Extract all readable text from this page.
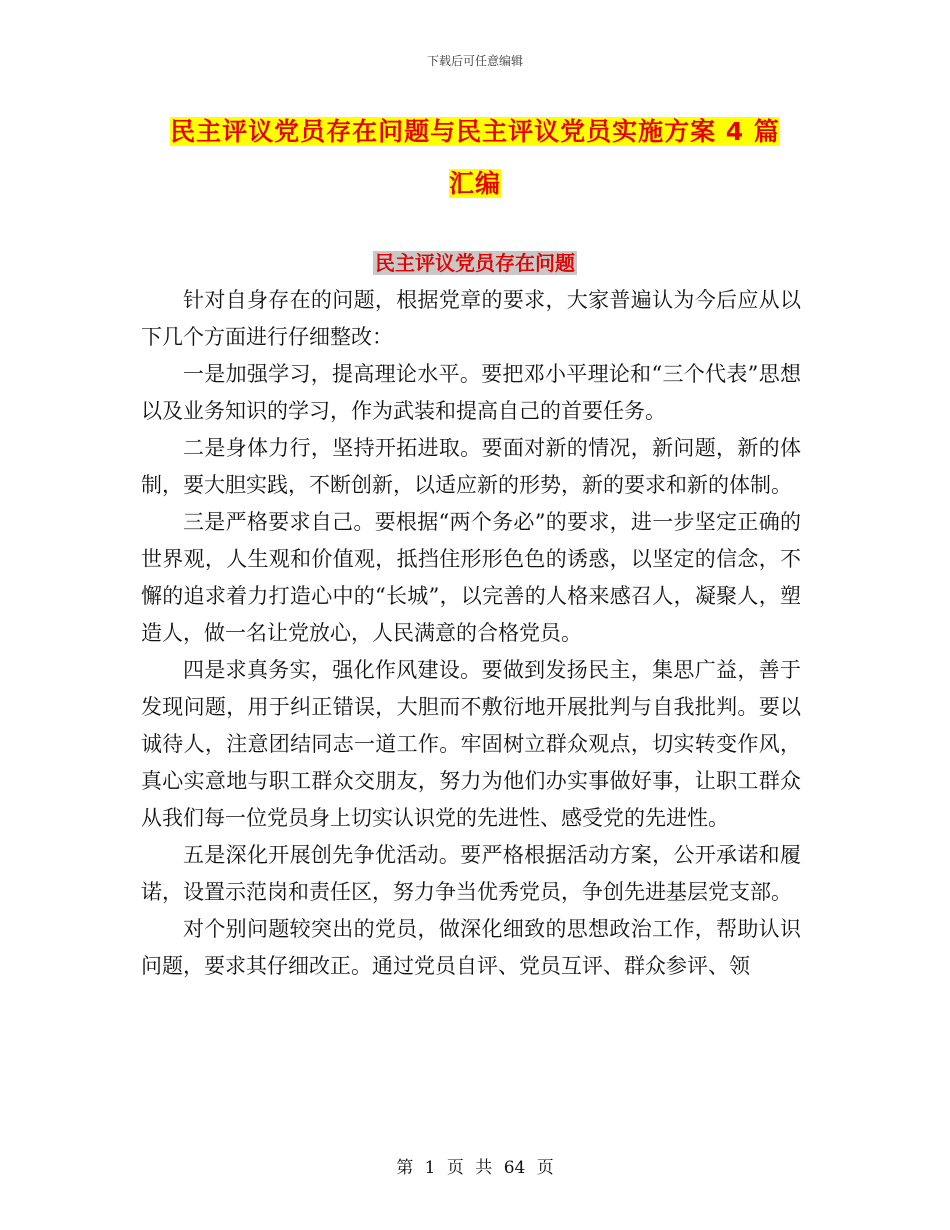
下载后可任意编辑
民主评议党员存在问题与民主评议党员实施方案 4 篇
汇编
民主评议党员存在问题

针对自身存在的问题，根据党章的要求，大家普遍认为今后应从以下几个方面进行仔细整改：

一是加强学习，提高理论水平。要把邓小平理论和“三个代表”思想以及业务知识的学习，作为武装和提高自己的首要任务。

二是身体力行，坚持开拓进取。要面对新的情况，新问题，新的体制，要大胆实践，不断创新，以适应新的形势，新的要求和新的体制。

三是严格要求自己。要根据“两个务必”的要求，进一步坚定正确的世界观，人生观和价值观，抵挡住形形色色的诱惑，以坚定的信念，不懈的追求着力打造心中的“长城”，以完善的人格来感召人，凝聚人，塑造人，做一名让党放心，人民满意的合格党员。

四是求真务实，强化作风建设。要做到发扬民主，集思广益，善于发现问题，用于纠正错误，大胆而不敷衍地开展批判与自我批判。要以诚待人，注意团结同志一道工作。牢固树立群众观点，切实转变作风，真心实意地与职工群众交朋友，努力为他们办实事做好事，让职工群众从我们每一位党员身上切实认识党的先进性、感受党的先进性。

五是深化开展创先争优活动。要严格根据活动方案，公开承诺和履诺，设置示范岗和责任区，努力争当优秀党员，争创先进基层党支部。

对个别问题较突出的党员，做深化细致的思想政治工作，帮助认识问题，要求其仔细改正。通过党员自评、党员互评、群众参评、领

第 1 页 共 64 页
